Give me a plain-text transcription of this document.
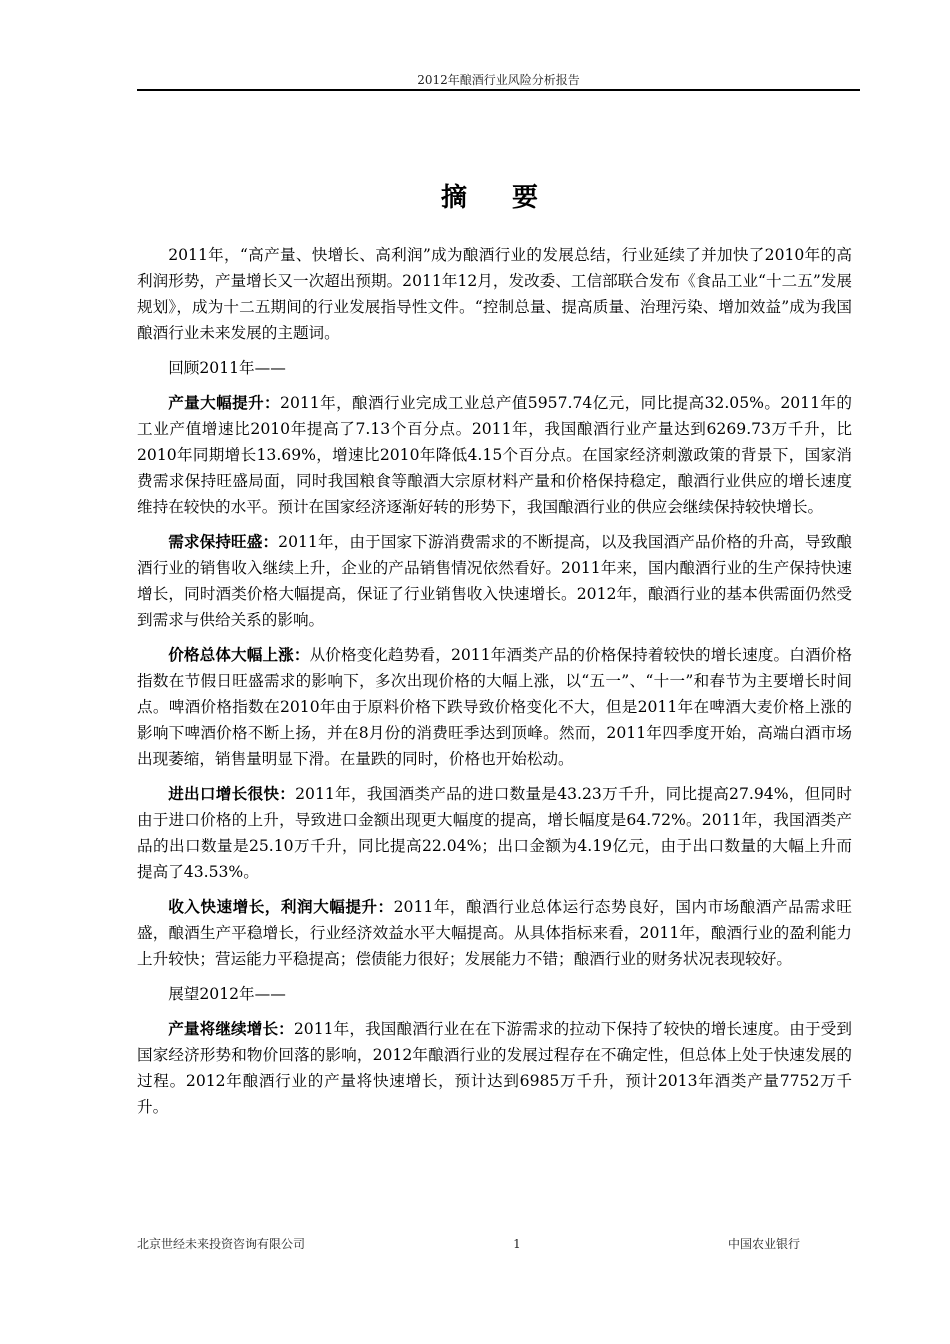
2012年酿酒行业风险分析报告
摘 要

2011年，“高产量、快增长、高利润”成为酿酒行业的发展总结，行业延续了并加快了2010年的高利润形势，产量增长又一次超出预期。2011年12月，发改委、工信部联合发布《食品工业“十二五”发展规划》，成为十二五期间的行业发展指导性文件。“控制总量、提高质量、治理污染、增加效益”成为我国酿酒行业未来发展的主题词。

回顾2011年——

产量大幅提升：2011年，酿酒行业完成工业总产值5957.74亿元，同比提高32.05%。2011年的工业产值增速比2010年提高了7.13个百分点。2011年，我国酿酒行业产量达到6269.73万千升，比2010年同期增长13.69%，增速比2010年降低4.15个百分点。在国家经济刺激政策的背景下，国家消费需求保持旺盛局面，同时我国粮食等酿酒大宗原材料产量和价格保持稳定，酿酒行业供应的增长速度维持在较快的水平。预计在国家经济逐渐好转的形势下，我国酿酒行业的供应会继续保持较快增长。

需求保持旺盛：2011年，由于国家下游消费需求的不断提高，以及我国酒产品价格的升高，导致酿酒行业的销售收入继续上升，企业的产品销售情况依然看好。2011年来，国内酿酒行业的生产保持快速增长，同时酒类价格大幅提高，保证了行业销售收入快速增长。2012年，酿酒行业的基本供需面仍然受到需求与供给关系的影响。

价格总体大幅上涨：从价格变化趋势看，2011年酒类产品的价格保持着较快的增长速度。白酒价格指数在节假日旺盛需求的影响下，多次出现价格的大幅上涨，以“五一”、“十一”和春节为主要增长时间点。啤酒价格指数在2010年由于原料价格下跌导致价格变化不大，但是2011年在啤酒大麦价格上涨的影响下啤酒价格不断上扬，并在8月份的消费旺季达到顶峰。然而，2011年四季度开始，高端白酒市场出现萎缩，销售量明显下滑。在量跌的同时，价格也开始松动。

进出口增长很快：2011年，我国酒类产品的进口数量是43.23万千升，同比提高27.94%，但同时由于进口价格的上升，导致进口金额出现更大幅度的提高，增长幅度是64.72%。2011年，我国酒类产品的出口数量是25.10万千升，同比提高22.04%；出口金额为4.19亿元，由于出口数量的大幅上升而提高了43.53%。

收入快速增长，利润大幅提升：2011年，酿酒行业总体运行态势良好，国内市场酿酒产品需求旺盛，酿酒生产平稳增长，行业经济效益水平大幅提高。从具体指标来看，2011年，酿酒行业的盈利能力上升较快；营运能力平稳提高；偿债能力很好；发展能力不错；酿酒行业的财务状况表现较好。

展望2012年——

产量将继续增长：2011年，我国酿酒行业在在下游需求的拉动下保持了较快的增长速度。由于受到国家经济形势和物价回落的影响，2012年酿酒行业的发展过程存在不确定性，但总体上处于快速发展的过程。2012年酿酒行业的产量将快速增长，预计达到6985万千升，预计2013年酒类产量7752万千升。

北京世经未来投资咨询有限公司	1	中国农业银行
